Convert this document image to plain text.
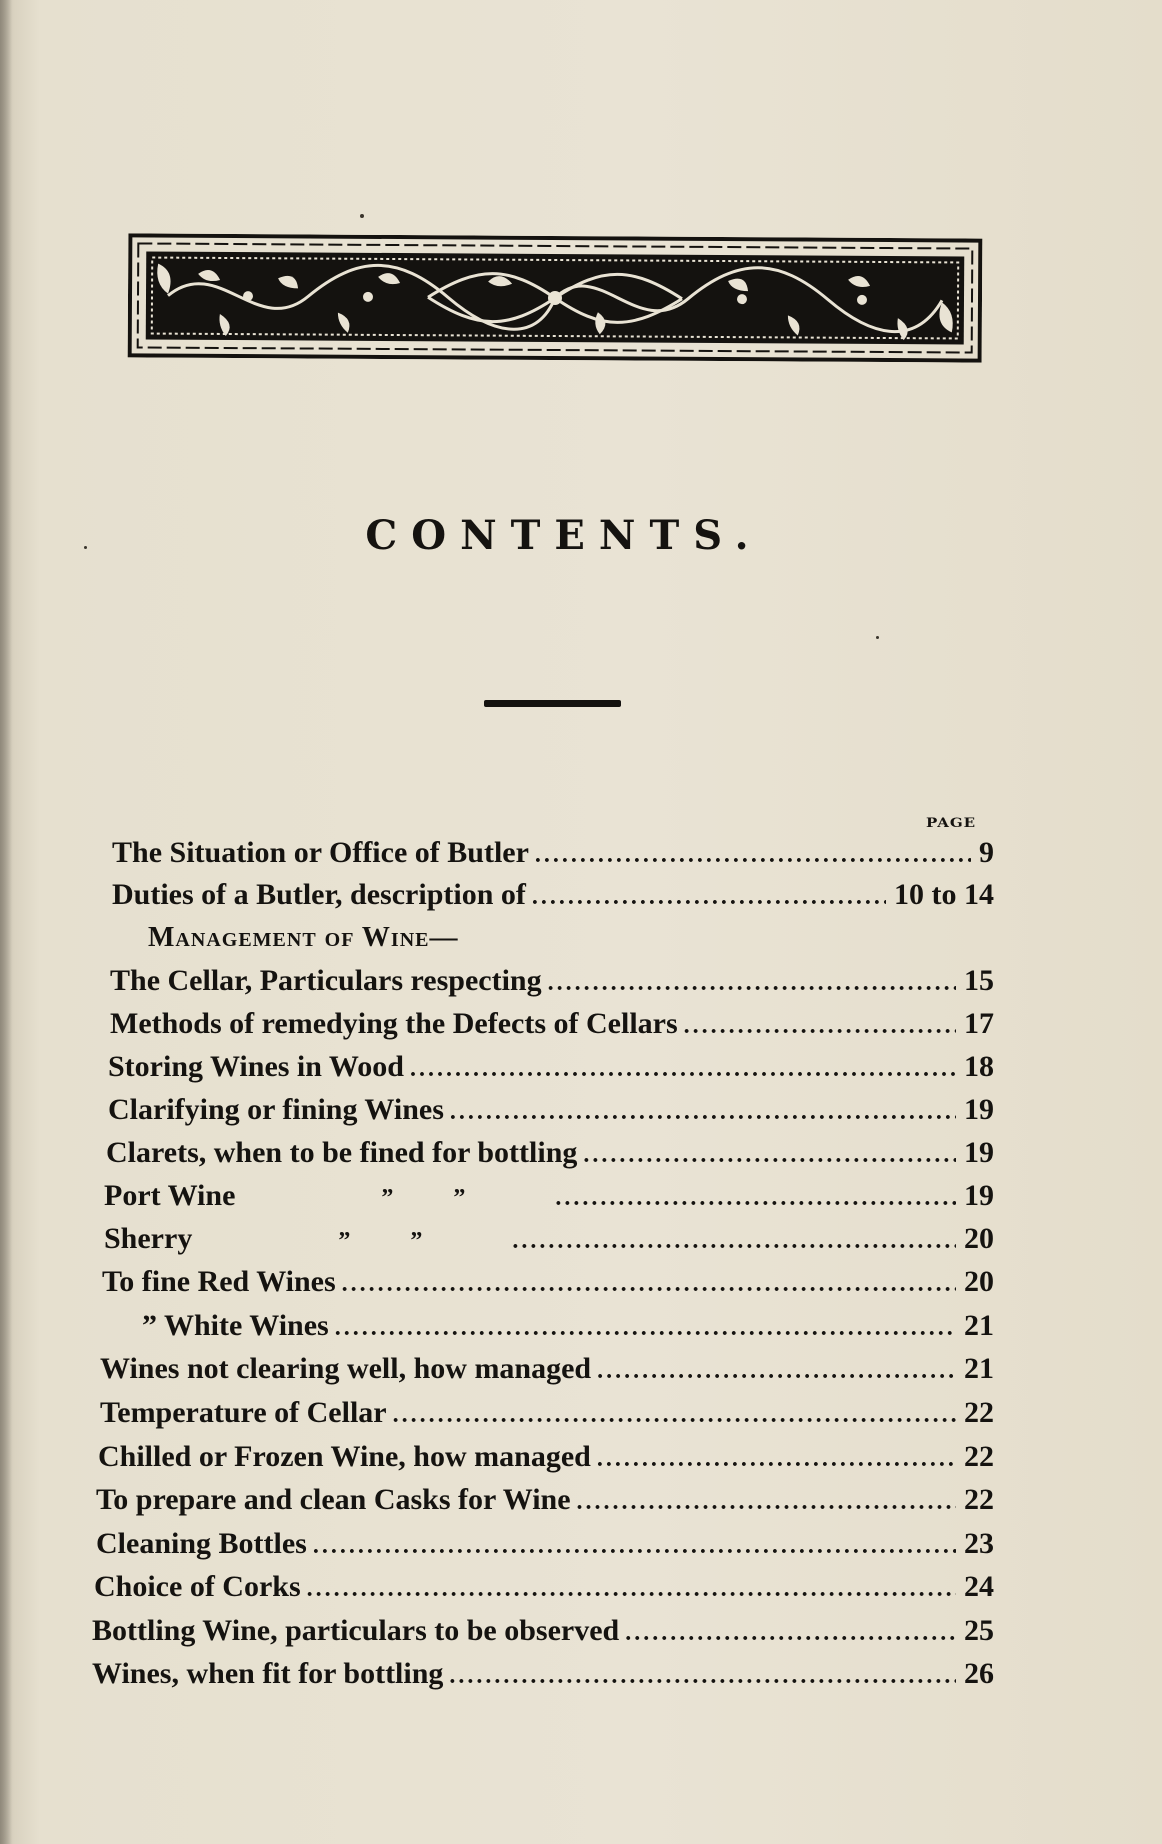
CONTENTS.
PAGE
Management of Wine—
The Situation or Office of Butler .....	9
Duties of a Butler, description of .....	10 to 14
The Cellar, Particulars respecting .....	15
Methods of remedying the Defects of Cellars .....	17
Storing Wines in Wood .....	18
Clarifying or fining Wines .....	19
Clarets, when to be fined for bottling .....	19
Port Wine	”          ” .....	19
Sherry	”          ” .....	20
To fine Red Wines .....	20
” White Wines .....	21
Wines not clearing well, how managed .....	21
Temperature of Cellar .....	22
Chilled or Frozen Wine, how managed .....	22
To prepare and clean Casks for Wine .....	22
Cleaning Bottles .....	23
Choice of Corks .....	24
Bottling Wine, particulars to be observed .....	25
Wines, when fit for bottling .....	26
